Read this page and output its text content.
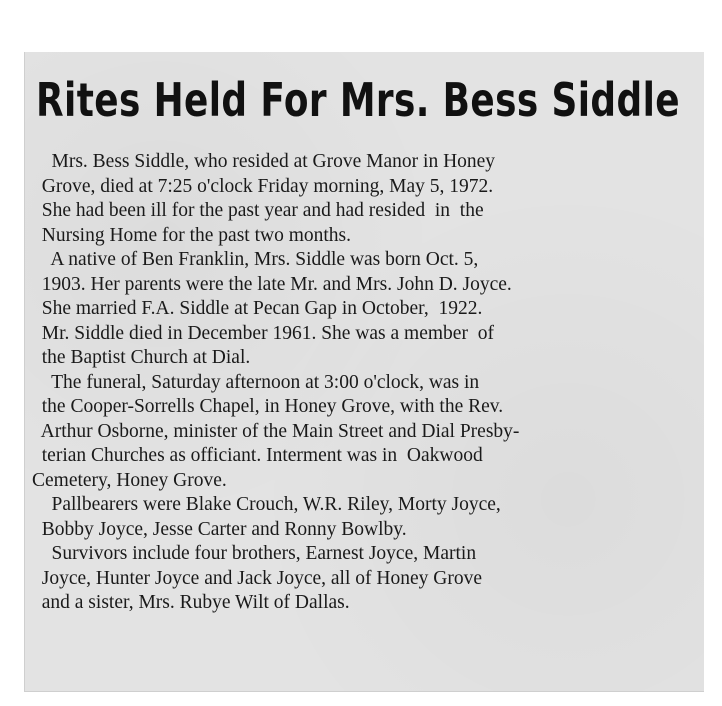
Rites Held For Mrs. Bess Siddle
Mrs. Bess Siddle, who resided at Grove Manor in Honey
Grove, died at 7:25 o'clock Friday morning, May 5, 1972.
She had been ill for the past year and had resided  in  the
Nursing Home for the past two months.
A native of Ben Franklin, Mrs. Siddle was born Oct. 5,
1903. Her parents were the late Mr. and Mrs. John D. Joyce.
She married F.A. Siddle at Pecan Gap in October,  1922.
Mr. Siddle died in December 1961. She was a member  of
the Baptist Church at Dial.
The funeral, Saturday afternoon at 3:00 o'clock, was in
the Cooper-Sorrells Chapel, in Honey Grove, with the Rev.
Arthur Osborne, minister of the Main Street and Dial Presby-
terian Churches as officiant. Interment was in  Oakwood
Cemetery, Honey Grove.
Pallbearers were Blake Crouch, W.R. Riley, Morty Joyce,
Bobby Joyce, Jesse Carter and Ronny Bowlby.
Survivors include four brothers, Earnest Joyce, Martin
Joyce, Hunter Joyce and Jack Joyce, all of Honey Grove
and a sister, Mrs. Rubye Wilt of Dallas.
